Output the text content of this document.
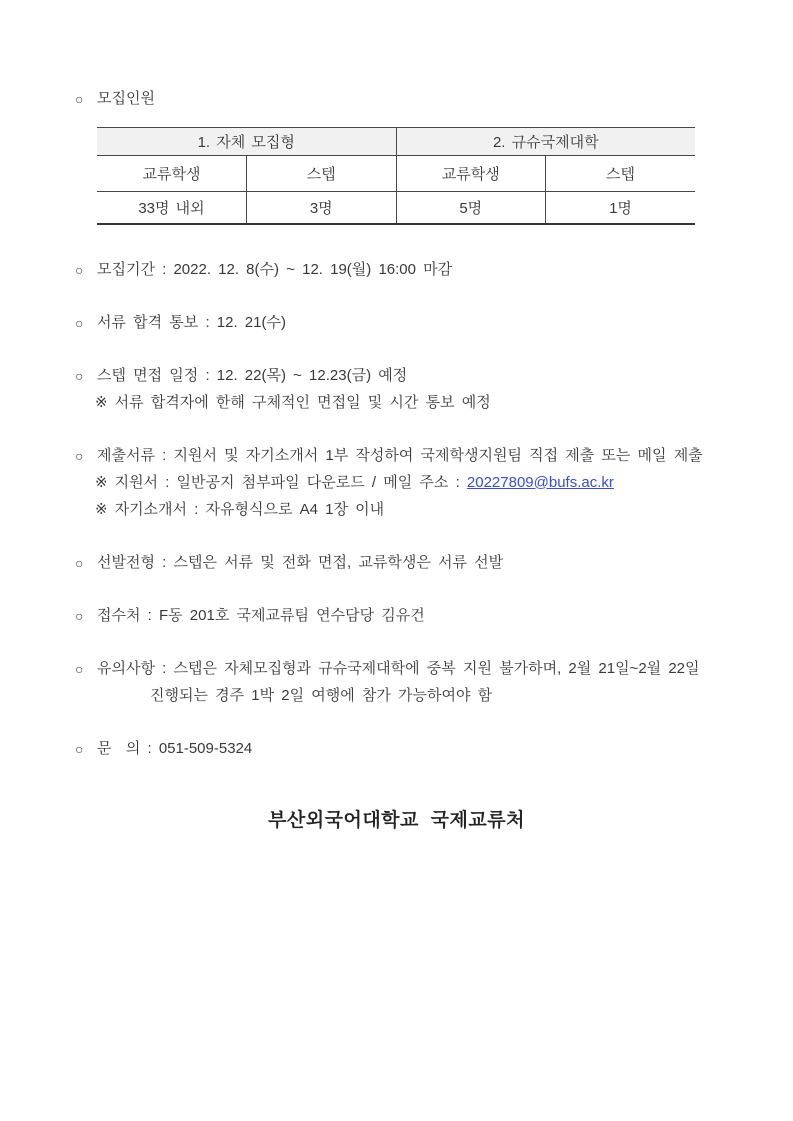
○ 모집인원
1. 자체 모집형		2. 규슈국제대학	
교류학생	스텝	교류학생	스텝
33명 내외	3명	5명	1명
○ 모집기간 : 2022. 12. 8(수) ~ 12. 19(월) 16:00 마감
○ 서류 합격 통보 : 12. 21(수)
○ 스텝 면접 일정 : 12. 22(목) ~ 12.23(금) 예정
※ 서류 합격자에 한해 구체적인 면접일 및 시간 통보 예정
○ 제출서류 : 지원서 및 자기소개서 1부 작성하여 국제학생지원팀 직접 제출 또는 메일 제출
※ 지원서 : 일반공지 첨부파일 다운로드 / 메일 주소 : 20227809@bufs.ac.kr
※ 자기소개서 : 자유형식으로 A4 1장 이내
○ 선발전형 : 스텝은 서류 및 전화 면접, 교류학생은 서류 선발
○ 접수처 : F동 201호 국제교류팀 연수담당 김유건
○ 유의사항 : 스텝은 자체모집형과 규슈국제대학에 중복 지원 불가하며, 2월 21일~2월 22일
진행되는 경주 1박 2일 여행에 참가 가능하여야 함
○ 문  의 : 051-509-5324
부산외국어대학교 국제교류처
